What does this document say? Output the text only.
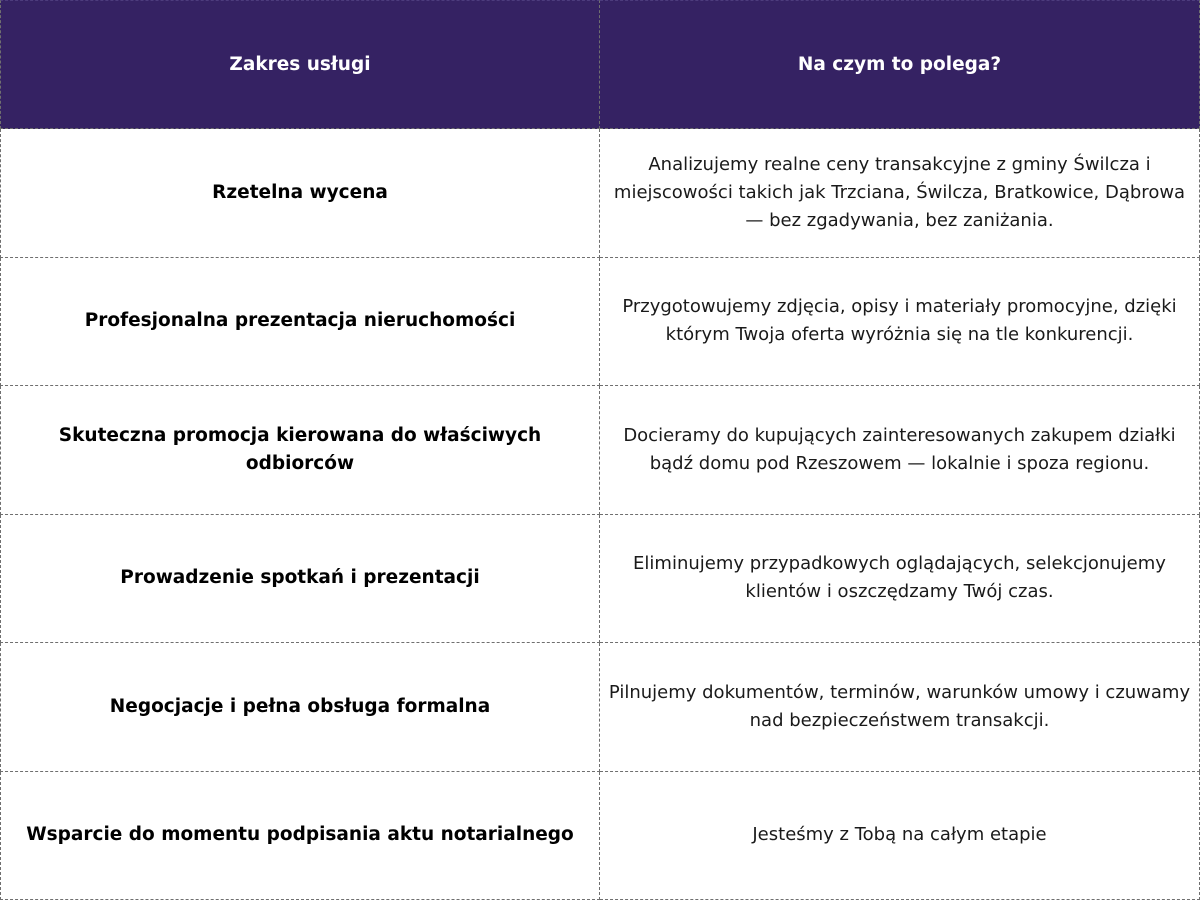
Zakres usługi	Na czym to polega?
Rzetelna wycena
Analizujemy realne ceny transakcyjne z gminy Świlcza i miejscowości takich jak Trzciana, Świlcza, Bratkowice, Dąbrowa — bez zgadywania, bez zaniżania.
Profesjonalna prezentacja nieruchomości
Przygotowujemy zdjęcia, opisy i materiały promocyjne, dzięki którym Twoja oferta wyróżnia się na tle konkurencji.
Skuteczna promocja kierowana do właściwych odbiorców
Docieramy do kupujących zainteresowanych zakupem działki bądź domu pod Rzeszowem — lokalnie i spoza regionu.
Prowadzenie spotkań i prezentacji
Eliminujemy przypadkowych oglądających, selekcjonujemy klientów i oszczędzamy Twój czas.
Negocjacje i pełna obsługa formalna
Pilnujemy dokumentów, terminów, warunków umowy i czuwamy nad bezpieczeństwem transakcji.
Wsparcie do momentu podpisania aktu notarialnego	Jesteśmy z Tobą na całym etapie
